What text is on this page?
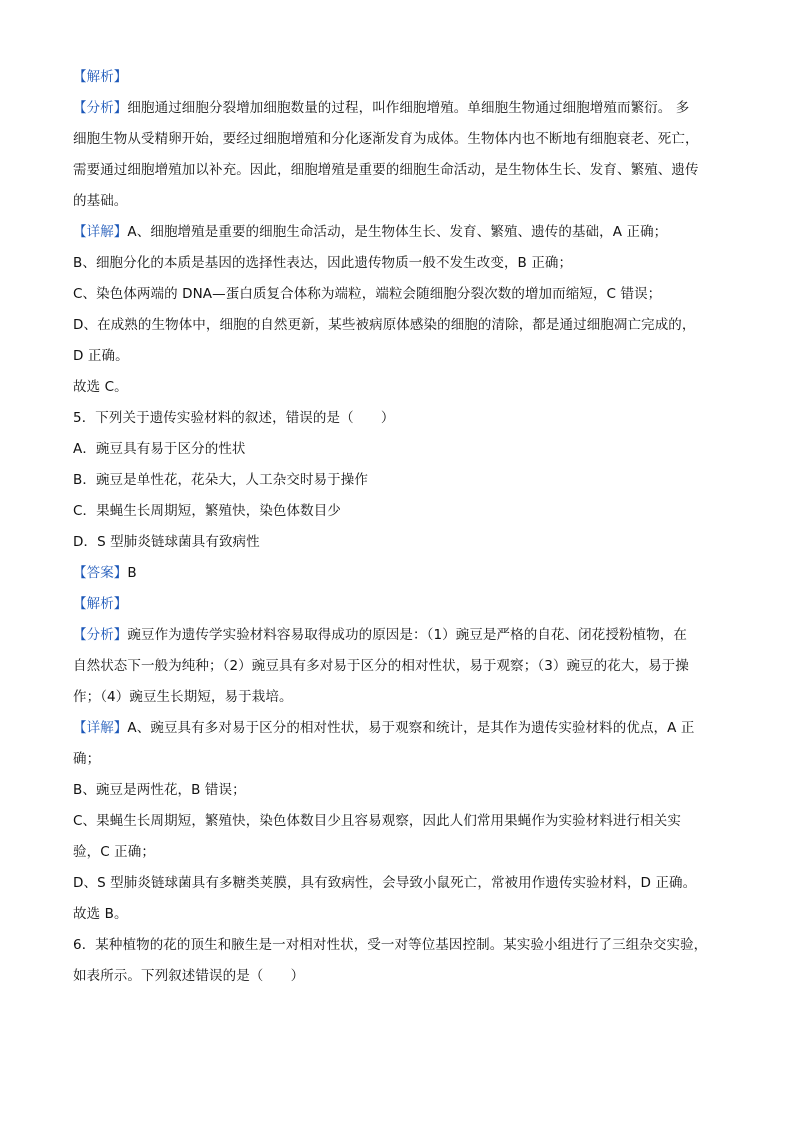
【解析】
【分析】细胞通过细胞分裂增加细胞数量的过程，叫作细胞增殖。单细胞生物通过细胞增殖而繁衍。 多
细胞生物从受精卵开始，要经过细胞增殖和分化逐渐发育为成体。生物体内也不断地有细胞衰老、死亡，
需要通过细胞增殖加以补充。因此，细胞增殖是重要的细胞生命活动，是生物体生长、发育、繁殖、遗传
的基础。
【详解】A、细胞增殖是重要的细胞生命活动，是生物体生长、发育、繁殖、遗传的基础，A 正确；
B、细胞分化的本质是基因的选择性表达，因此遗传物质一般不发生改变，B 正确；
C、染色体两端的 DNA—蛋白质复合体称为端粒，端粒会随细胞分裂次数的增加而缩短，C 错误；
D、在成熟的生物体中，细胞的自然更新，某些被病原体感染的细胞的清除，都是通过细胞凋亡完成的，
D 正确。
故选 C。
5．下列关于遗传实验材料的叙述，错误的是（　　）
A．豌豆具有易于区分的性状
B．豌豆是单性花，花朵大，人工杂交时易于操作
C．果蝇生长周期短，繁殖快，染色体数目少
D．S 型肺炎链球菌具有致病性
【答案】B
【解析】
【分析】豌豆作为遗传学实验材料容易取得成功的原因是：（1）豌豆是严格的自花、闭花授粉植物，在
自然状态下一般为纯种；（2）豌豆具有多对易于区分的相对性状，易于观察；（3）豌豆的花大，易于操
作；（4）豌豆生长期短，易于栽培。
【详解】A、豌豆具有多对易于区分的相对性状，易于观察和统计，是其作为遗传实验材料的优点，A 正
确；
B、豌豆是两性花，B 错误；
C、果蝇生长周期短，繁殖快，染色体数目少且容易观察，因此人们常用果蝇作为实验材料进行相关实
验，C 正确；
D、S 型肺炎链球菌具有多糖类荚膜，具有致病性，会导致小鼠死亡，常被用作遗传实验材料，D 正确。
故选 B。
6．某种植物的花的顶生和腋生是一对相对性状，受一对等位基因控制。某实验小组进行了三组杂交实验，
如表所示。下列叙述错误的是（　　）
